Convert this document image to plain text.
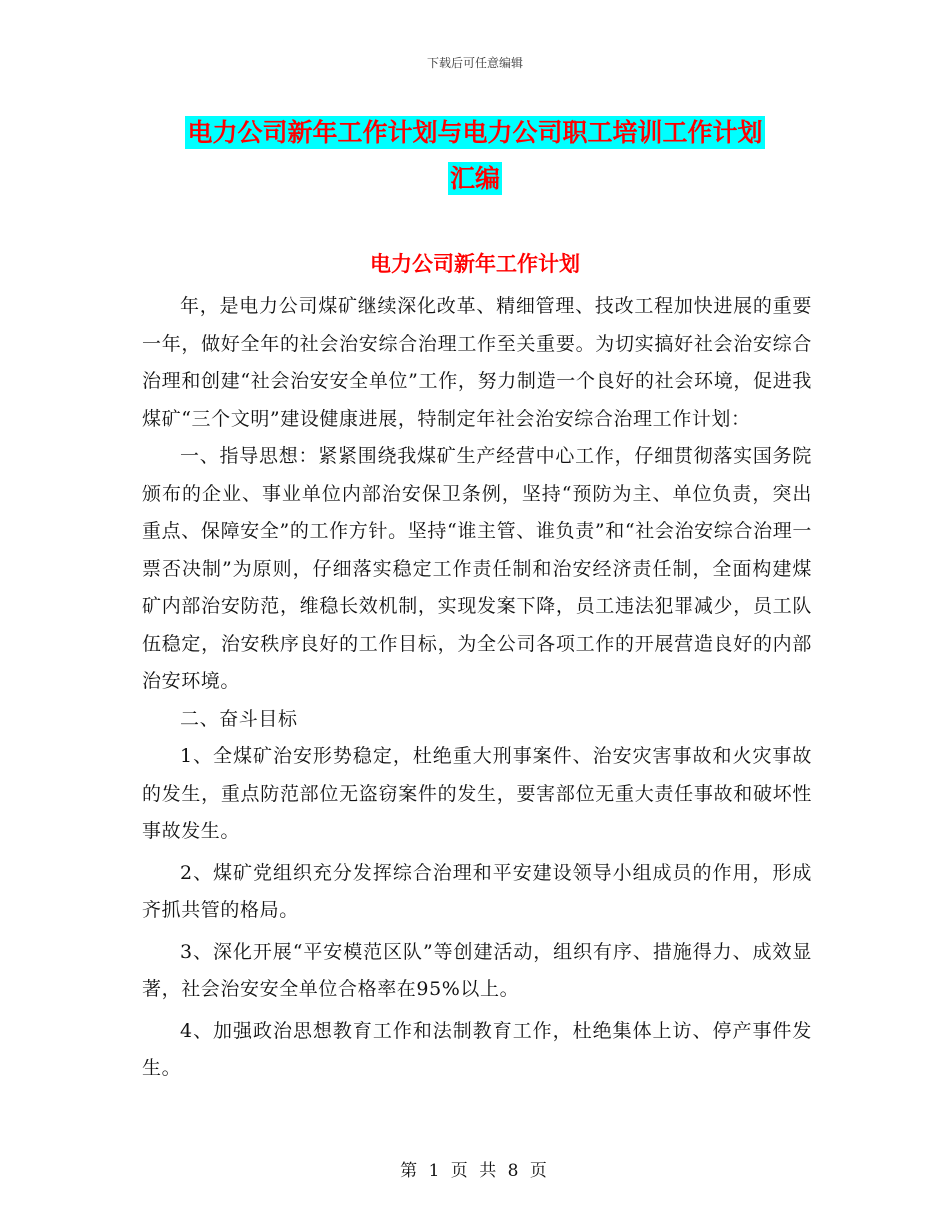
下载后可任意编辑
电力公司新年工作计划与电力公司职工培训工作计划
汇编
电力公司新年工作计划

年，是电力公司煤矿继续深化改革、精细管理、技改工程加快进展的重要一年，做好全年的社会治安综合治理工作至关重要。为切实搞好社会治安综合治理和创建“社会治安安全单位”工作，努力制造一个良好的社会环境，促进我煤矿“三个文明”建设健康进展，特制定年社会治安综合治理工作计划：

一、指导思想：紧紧围绕我煤矿生产经营中心工作，仔细贯彻落实国务院颁布的企业、事业单位内部治安保卫条例，坚持“预防为主、单位负责，突出重点、保障安全”的工作方针。坚持“谁主管、谁负责”和“社会治安综合治理一票否决制”为原则，仔细落实稳定工作责任制和治安经济责任制，全面构建煤矿内部治安防范，维稳长效机制，实现发案下降，员工违法犯罪减少，员工队伍稳定，治安秩序良好的工作目标，为全公司各项工作的开展营造良好的内部治安环境。

二、奋斗目标

1、全煤矿治安形势稳定，杜绝重大刑事案件、治安灾害事故和火灾事故的发生，重点防范部位无盗窃案件的发生，要害部位无重大责任事故和破坏性事故发生。

2、煤矿党组织充分发挥综合治理和平安建设领导小组成员的作用，形成齐抓共管的格局。

3、深化开展“平安模范区队”等创建活动，组织有序、措施得力、成效显著，社会治安安全单位合格率在95%以上。

4、加强政治思想教育工作和法制教育工作，杜绝集体上访、停产事件发生。

第 1 页 共 8 页
